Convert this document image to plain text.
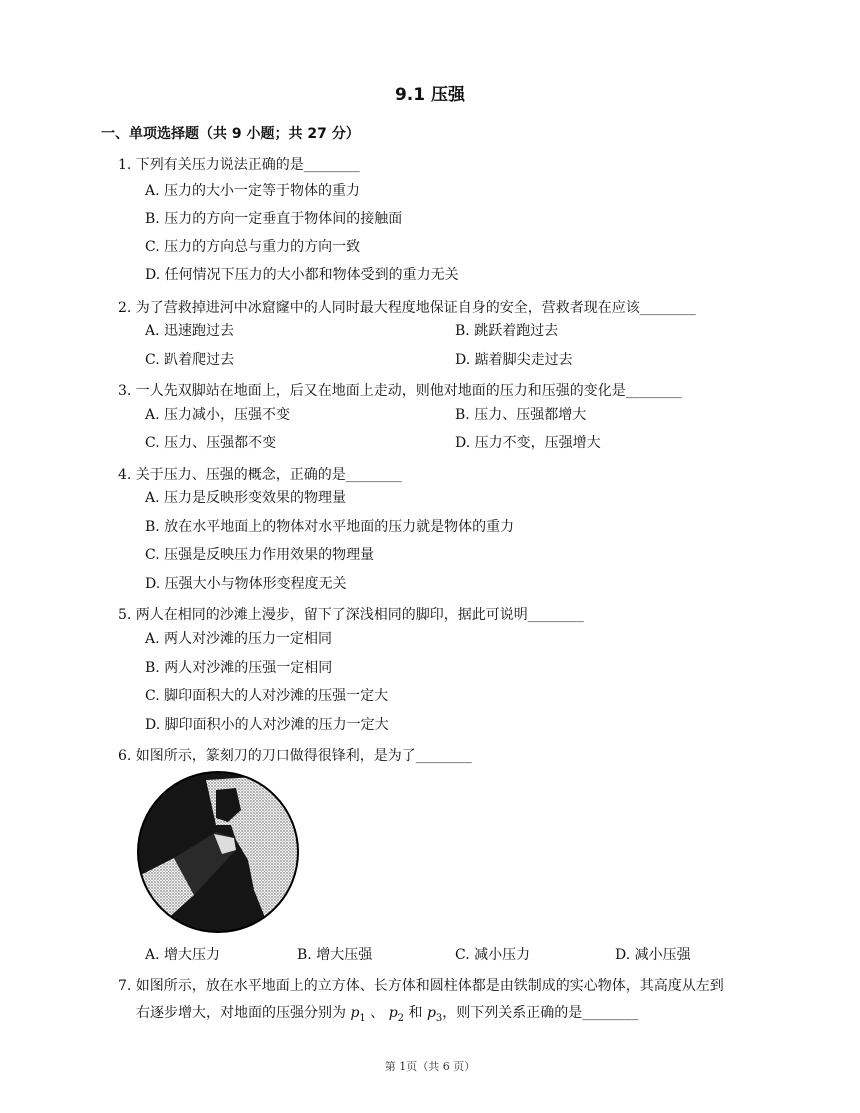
9.1 压强
一、单项选择题（共 9 小题；共 27 分）
1. 下列有关压力说法正确的是________
A. 压力的大小一定等于物体的重力
B. 压力的方向一定垂直于物体间的接触面
C. 压力的方向总与重力的方向一致
D. 任何情况下压力的大小都和物体受到的重力无关
2. 为了营救掉进河中冰窟窿中的人同时最大程度地保证自身的安全，营救者现在应该________
A. 迅速跑过去	B. 跳跃着跑过去
C. 趴着爬过去	D. 踮着脚尖走过去
3. 一人先双脚站在地面上，后又在地面上走动，则他对地面的压力和压强的变化是________
A. 压力减小，压强不变	B. 压力、压强都增大
C. 压力、压强都不变	D. 压力不变，压强增大
4. 关于压力、压强的概念，正确的是________
A. 压力是反映形变效果的物理量
B. 放在水平地面上的物体对水平地面的压力就是物体的重力
C. 压强是反映压力作用效果的物理量
D. 压强大小与物体形变程度无关
5. 两人在相同的沙滩上漫步，留下了深浅相同的脚印，据此可说明________
A. 两人对沙滩的压力一定相同
B. 两人对沙滩的压强一定相同
C. 脚印面积大的人对沙滩的压强一定大
D. 脚印面积小的人对沙滩的压力一定大
6. 如图所示，篆刻刀的刀口做得很锋利，是为了________
A. 增大压力	B. 增大压强	C. 减小压力	D. 减小压强
7. 如图所示，放在水平地面上的立方体、长方体和圆柱体都是由铁制成的实心物体，其高度从左到
右逐步增大，对地面的压强分别为 $p_1$ 、 $p_2$ 和 $p_3$，则下列关系正确的是________
第 1页（共 6 页）
